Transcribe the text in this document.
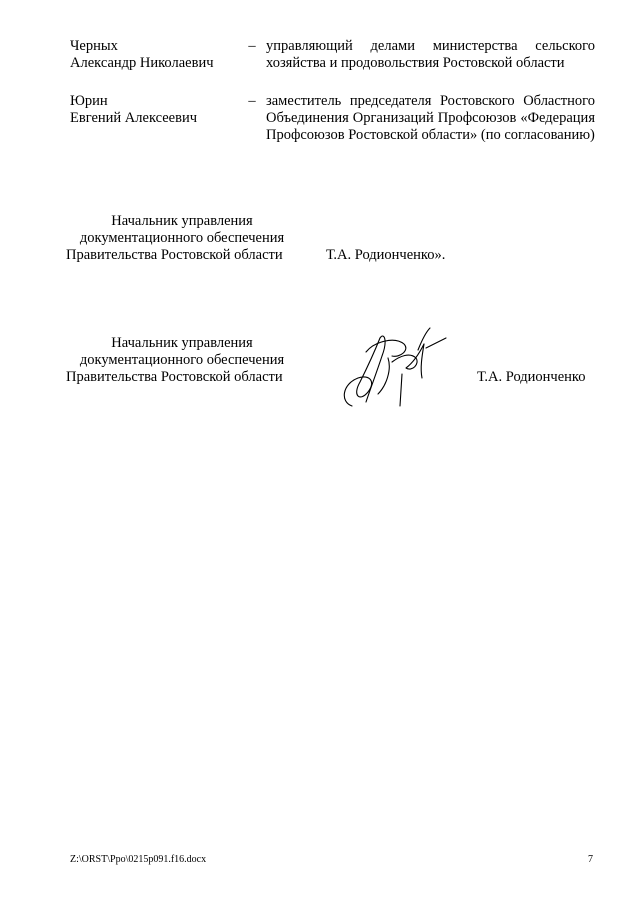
Черных
Александр Николаевич
– управляющий делами министерства сельского хозяйства и продовольствия Ростовской области
Юрин
Евгений Алексеевич
– заместитель председателя Ростовского Областного Объединения Организаций Профсоюзов «Федерация Профсоюзов Ростовской области» (по согласованию)
Начальник управления
документационного обеспечения
Правительства Ростовской области	Т.А. Родионченко».
Начальник управления
документационного обеспечения
Правительства Ростовской области	Т.А. Родионченко
Z:\ORST\Ppo\0215p091.f16.docx	7
